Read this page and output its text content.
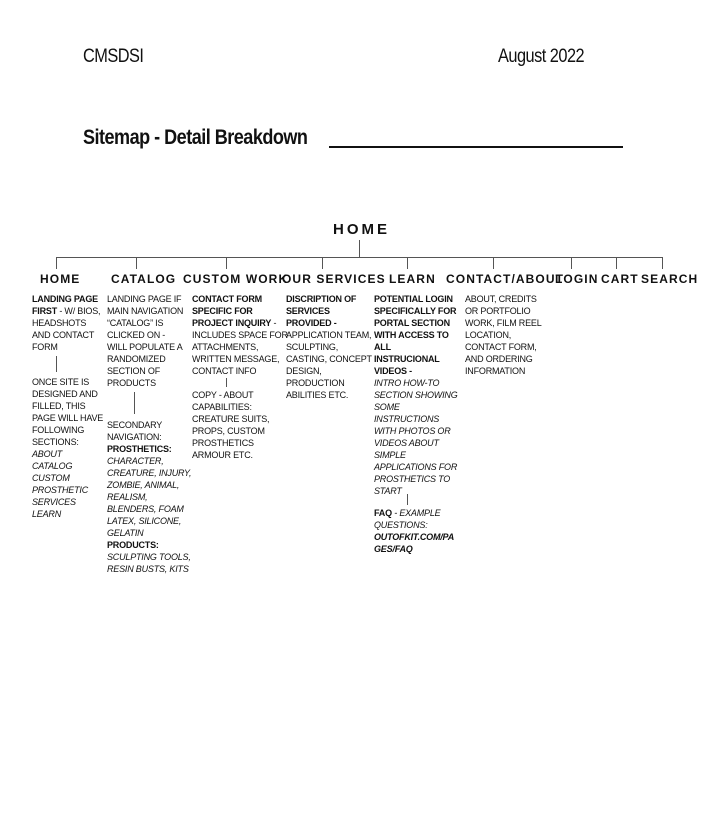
CMSDSI	August 2022
Sitemap - Detail Breakdown
HOME
HOME	CATALOG CUSTOM WORK
OUR SERVICES LEARN CONTACT/ABOUT
LOGIN CART SEARCH
LANDING PAGE
FIRST - W/ BIOS,
HEADSHOTS
AND CONTACT
FORM
ONCE SITE IS
DESIGNED AND
FILLED, THIS
PAGE WILL HAVE
FOLLOWING
SECTIONS:
ABOUT
CATALOG
CUSTOM
PROSTHETIC
SERVICES
LEARN
LANDING PAGE IF
MAIN NAVIGATION
“CATALOG” IS
CLICKED ON -
WILL POPULATE A
RANDOMIZED
SECTION OF
PRODUCTS
SECONDARY
NAVIGATION:
PROSTHETICS:
CHARACTER,
CREATURE, INJURY,
ZOMBIE, ANIMAL,
REALISM,
BLENDERS, FOAM
LATEX, SILICONE,
GELATIN
PRODUCTS:
SCULPTING TOOLS,
RESIN BUSTS, KITS
CONTACT FORM
SPECIFIC FOR
PROJECT INQUIRY -
INCLUDES SPACE FOR
ATTACHMENTS,
WRITTEN MESSAGE,
CONTACT INFO
COPY - ABOUT
CAPABILITIES:
CREATURE SUITS,
PROPS, CUSTOM
PROSTHETICS
ARMOUR ETC.
DISCRIPTION OF
SERVICES
PROVIDED -
APPLICATION TEAM,
SCULPTING,
CASTING, CONCEPT
DESIGN,
PRODUCTION
ABILITIES ETC.
POTENTIAL LOGIN
SPECIFICALLY FOR
PORTAL SECTION
WITH ACCESS TO
ALL
INSTRUCIONAL
VIDEOS -
INTRO HOW-TO
SECTION SHOWING
SOME
INSTRUCTIONS
WITH PHOTOS OR
VIDEOS ABOUT
SIMPLE
APPLICATIONS FOR
PROSTHETICS TO
START
FAQ - EXAMPLE
QUESTIONS:
OUTOFKIT.COM/PA
GES/FAQ
ABOUT, CREDITS
OR PORTFOLIO
WORK, FILM REEL
LOCATION,
CONTACT FORM,
AND ORDERING
INFORMATION
